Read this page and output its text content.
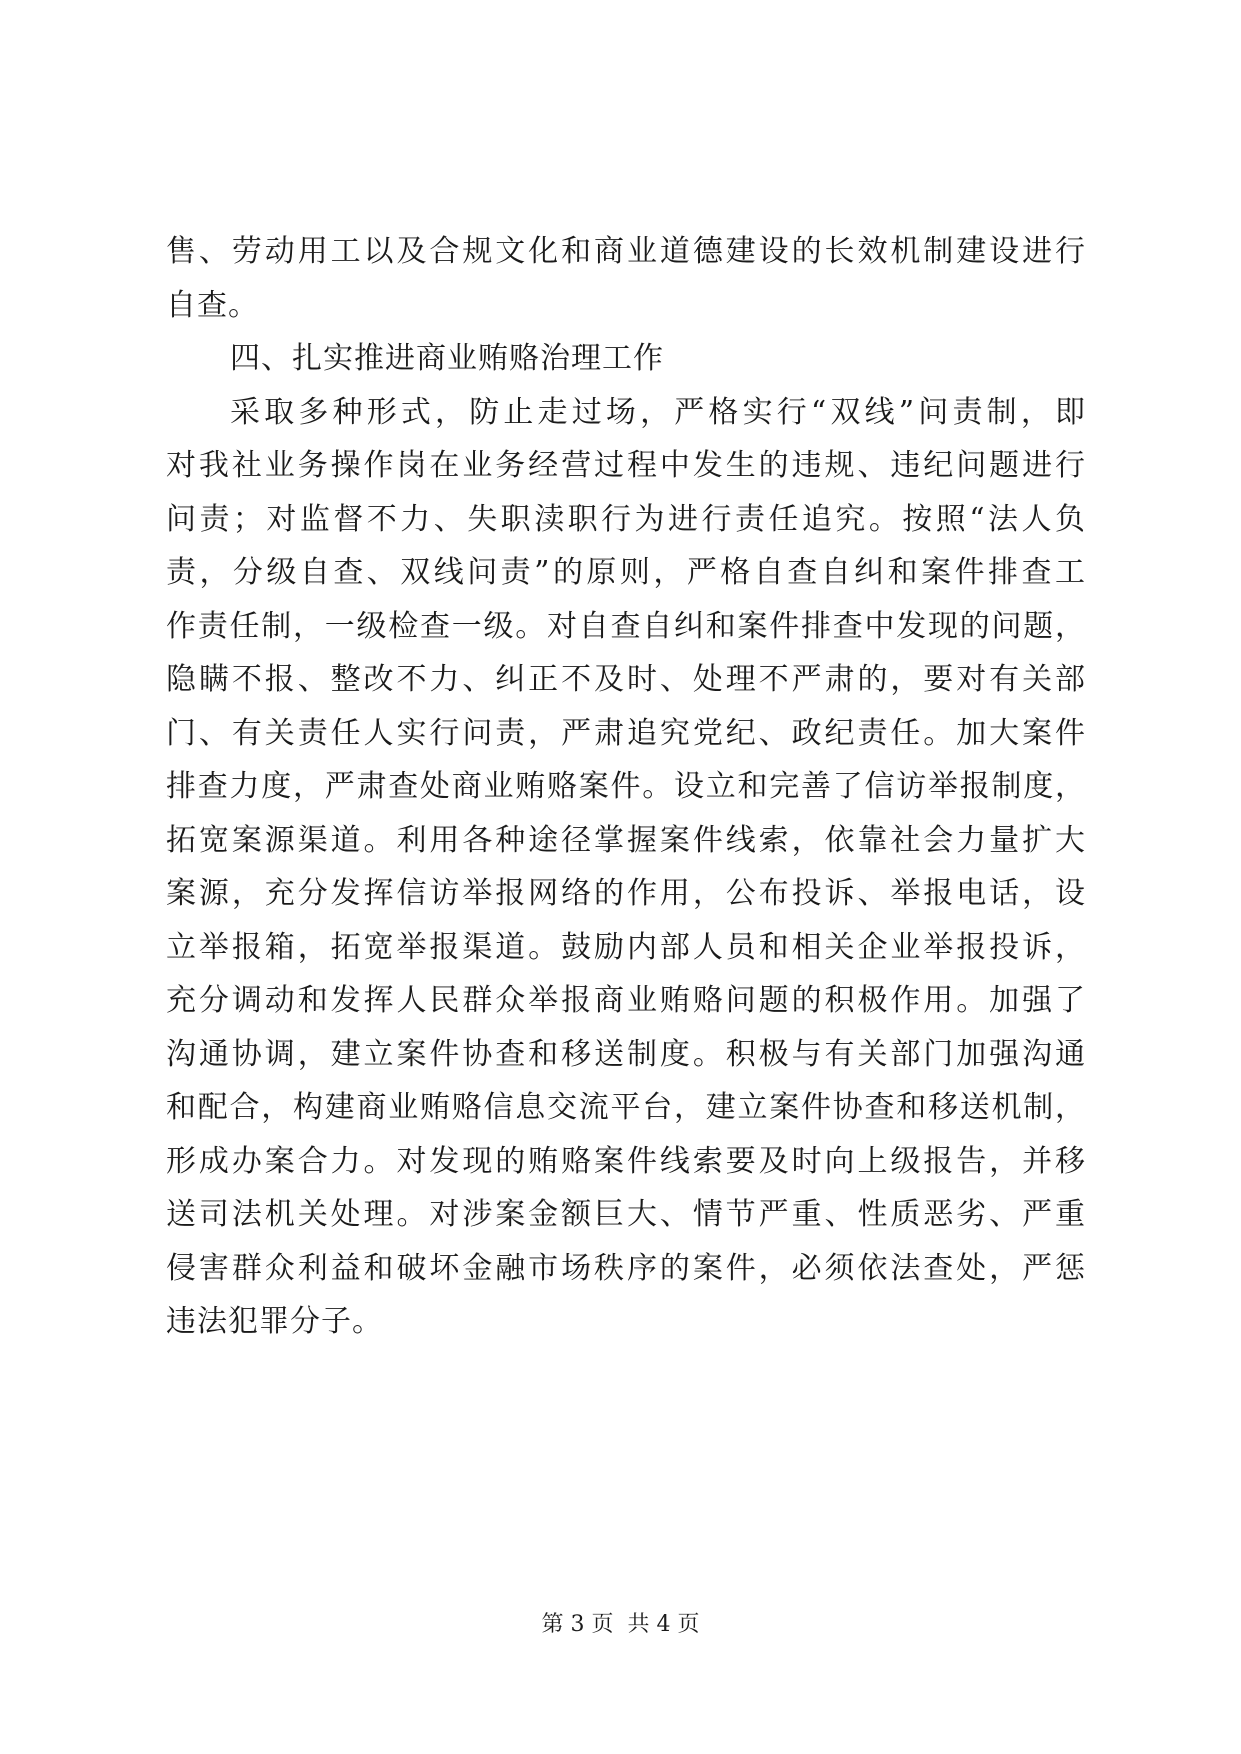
售、劳动用工以及合规文化和商业道德建设的长效机制建设进行
自查。
四、扎实推进商业贿赂治理工作
采取多种形式，防止走过场，严格实行“双线”问责制，即
对我社业务操作岗在业务经营过程中发生的违规、违纪问题进行
问责；对监督不力、失职渎职行为进行责任追究。按照“法人负
责，分级自查、双线问责”的原则，严格自查自纠和案件排查工
作责任制，一级检查一级。对自查自纠和案件排查中发现的问题，
隐瞒不报、整改不力、纠正不及时、处理不严肃的，要对有关部
门、有关责任人实行问责，严肃追究党纪、政纪责任。加大案件
排查力度，严肃查处商业贿赂案件。设立和完善了信访举报制度，
拓宽案源渠道。利用各种途径掌握案件线索，依靠社会力量扩大
案源，充分发挥信访举报网络的作用，公布投诉、举报电话，设
立举报箱，拓宽举报渠道。鼓励内部人员和相关企业举报投诉，
充分调动和发挥人民群众举报商业贿赂问题的积极作用。加强了
沟通协调，建立案件协查和移送制度。积极与有关部门加强沟通
和配合，构建商业贿赂信息交流平台，建立案件协查和移送机制，
形成办案合力。对发现的贿赂案件线索要及时向上级报告，并移
送司法机关处理。对涉案金额巨大、情节严重、性质恶劣、严重
侵害群众利益和破坏金融市场秩序的案件，必须依法查处，严惩
违法犯罪分子。
第 3 页  共 4 页
